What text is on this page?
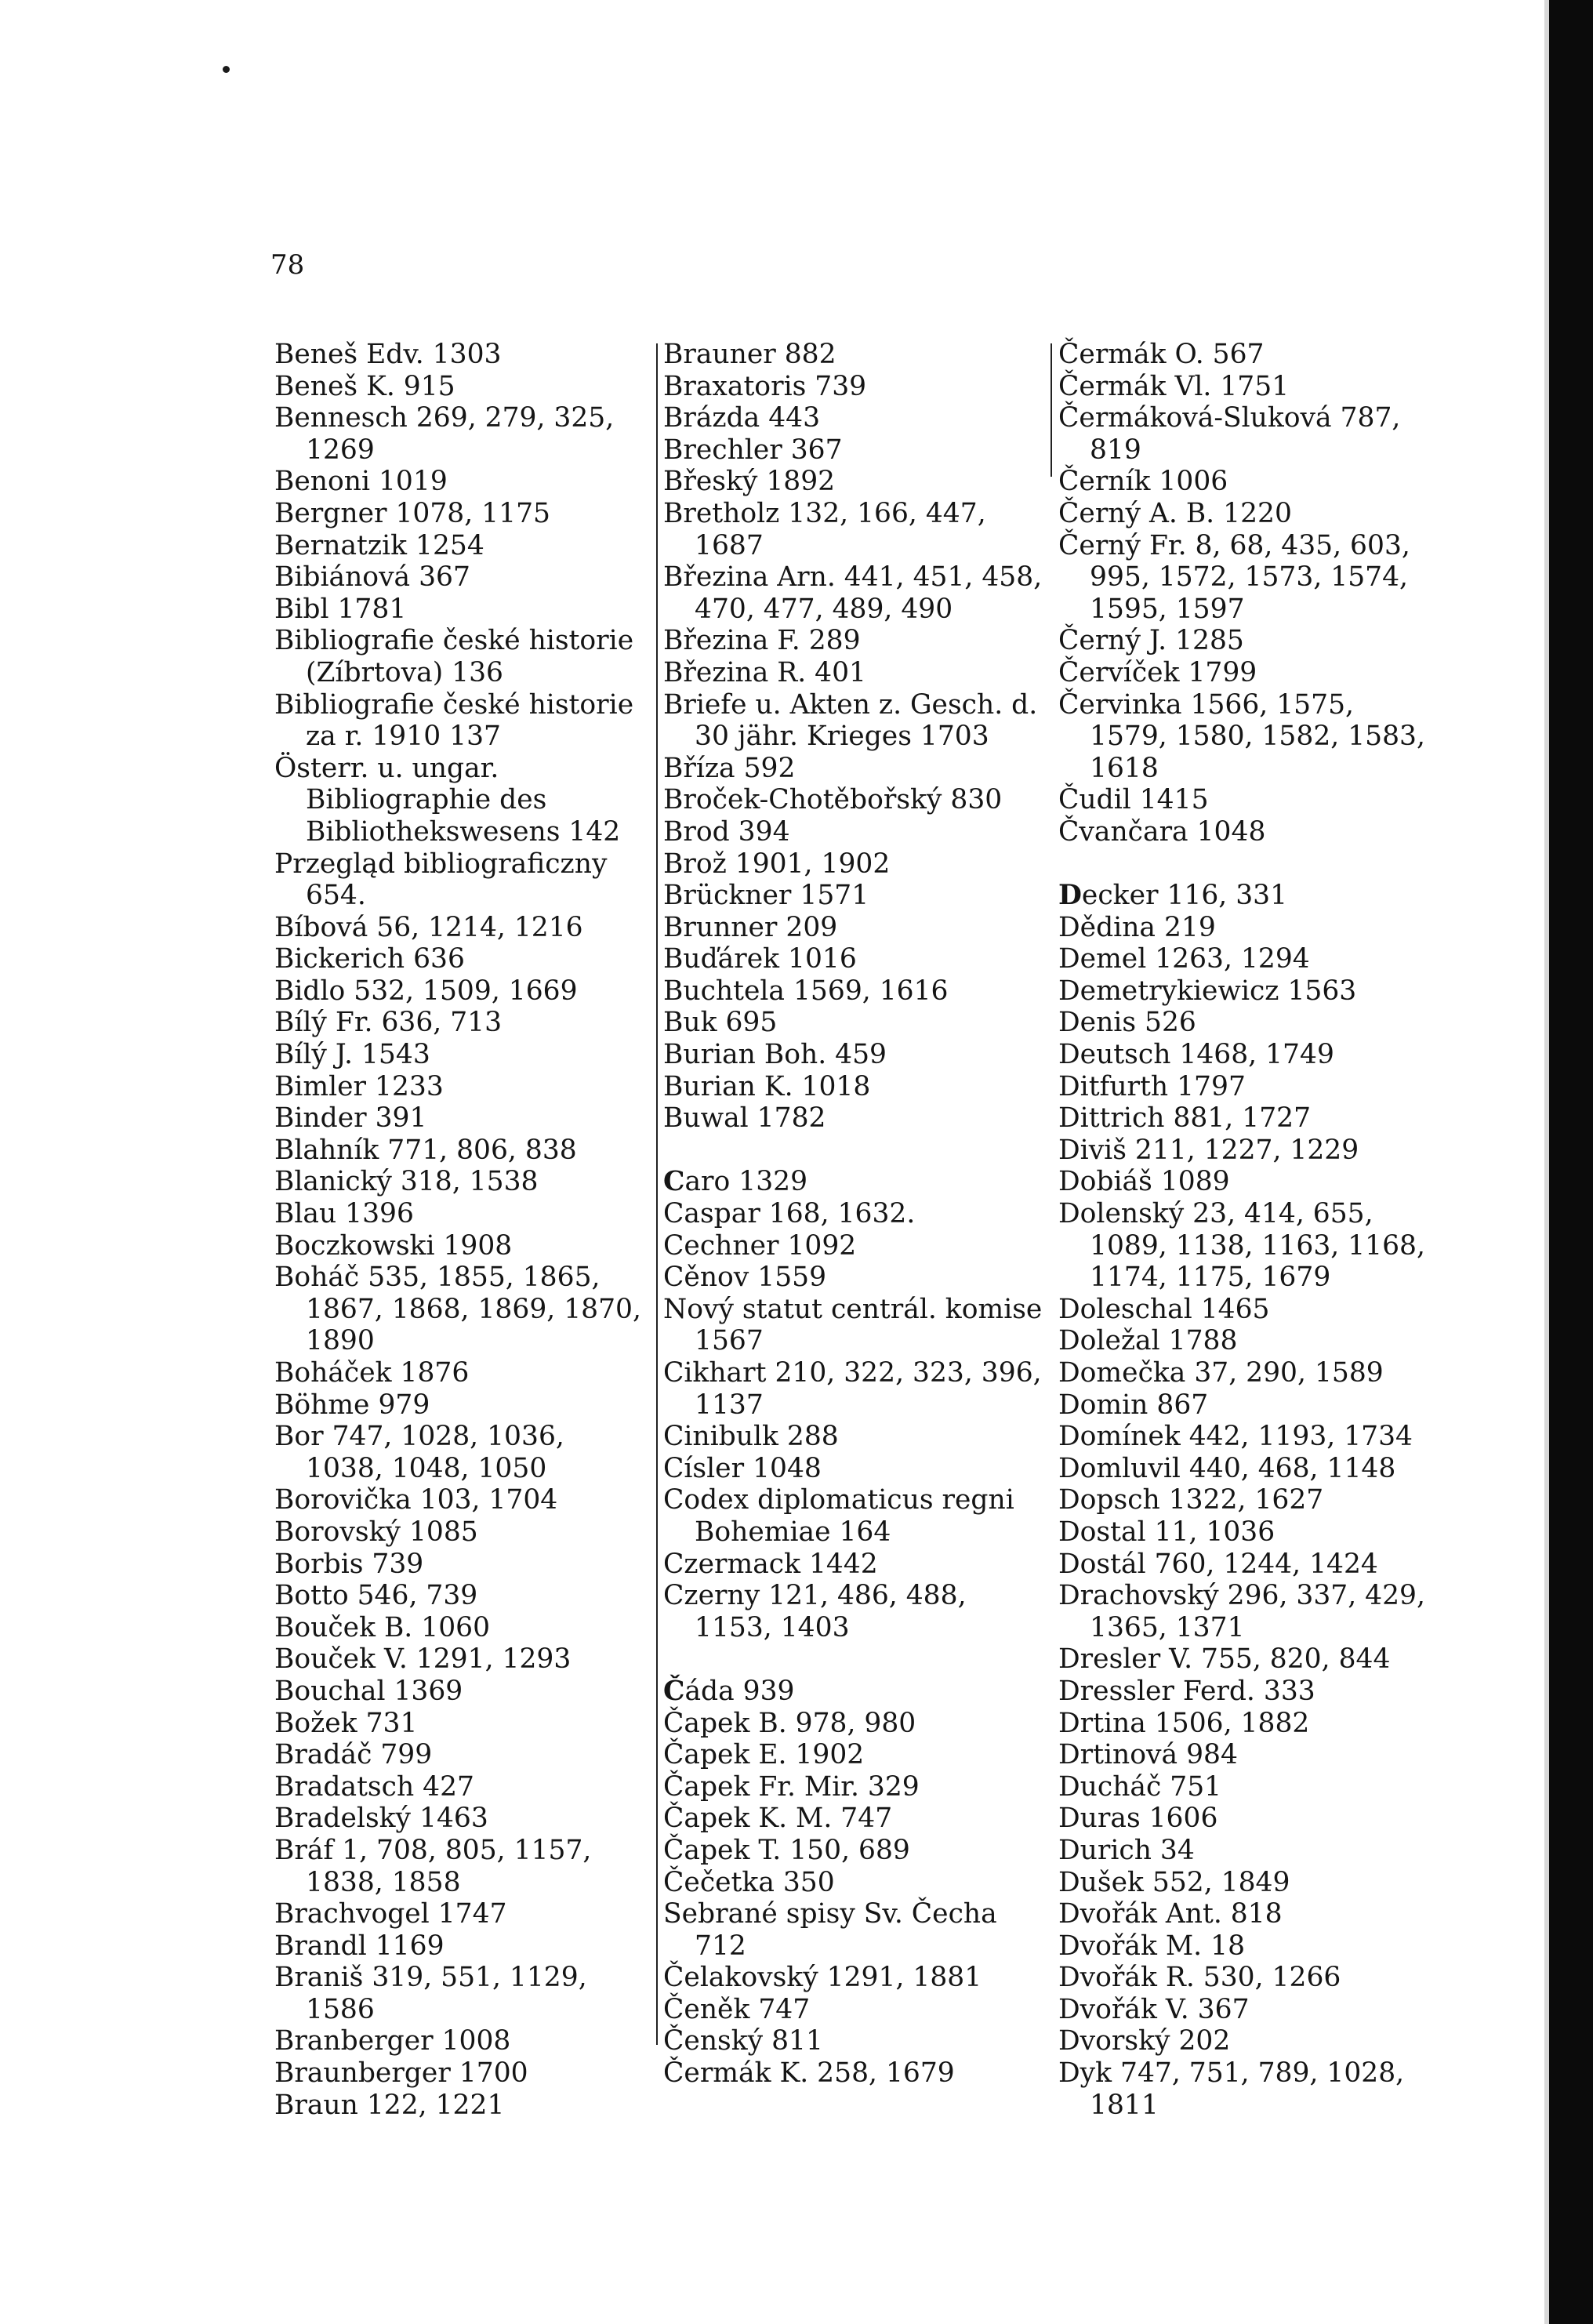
78
Beneš Edv. 1303
Beneš K. 915
Bennesch 269, 279, 325, 1269
Benoni 1019
Bergner 1078, 1175
Bernatzik 1254
Bibiánová 367
Bibl 1781
Bibliografie české historie (Zíbrtova) 136
Bibliografie české historie za r. 1910 137
Österr. u. ungar. Bibliographie des Bibliothekswesens 142
Przegląd bibliograficzny 654.
Bíbová 56, 1214, 1216
Bickerich 636
Bidlo 532, 1509, 1669
Bílý Fr. 636, 713
Bílý J. 1543
Bimler 1233
Binder 391
Blahník 771, 806, 838
Blanický 318, 1538
Blau 1396
Boczkowski 1908
Boháč 535, 1855, 1865, 1867, 1868, 1869, 1870, 1890
Boháček 1876
Böhme 979
Bor 747, 1028, 1036, 1038, 1048, 1050
Borovička 103, 1704
Borovský 1085
Borbis 739
Botto 546, 739
Bouček B. 1060
Bouček V. 1291, 1293
Bouchal 1369
Božek 731
Bradáč 799
Bradatsch 427
Bradelský 1463
Bráf 1, 708, 805, 1157, 1838, 1858
Brachvogel 1747
Brandl 1169
Braniš 319, 551, 1129, 1586
Branberger 1008
Braunberger 1700
Braun 122, 1221
Brauner 882
Braxatoris 739
Brázda 443
Brechler 367
Břeský 1892
Bretholz 132, 166, 447, 1687
Březina Arn. 441, 451, 458, 470, 477, 489, 490
Březina F. 289
Březina R. 401
Briefe u. Akten z. Gesch. d. 30 jähr. Krieges 1703
Bříza 592
Broček-Chotěbořský 830
Brod 394
Brož 1901, 1902
Brückner 1571
Brunner 209
Buďárek 1016
Buchtela 1569, 1616
Buk 695
Burian Boh. 459
Burian K. 1018
Buwal 1782
Caro 1329
Caspar 168, 1632.
Cechner 1092
Cěnov 1559
Nový statut centrál. komise 1567
Cikhart 210, 322, 323, 396, 1137
Cinibulk 288
Císler 1048
Codex diplomaticus regni Bohemiae 164
Czermack 1442
Czerny 121, 486, 488, 1153, 1403
Čáda 939
Čapek B. 978, 980
Čapek E. 1902
Čapek Fr. Mir. 329
Čapek K. M. 747
Čapek T. 150, 689
Čečetka 350
Sebrané spisy Sv. Čecha 712
Čelakovský 1291, 1881
Čeněk 747
Čenský 811
Čermák K. 258, 1679
Čermák O. 567
Čermák Vl. 1751
Čermáková-Sluková 787, 819
Černík 1006
Černý A. B. 1220
Černý Fr. 8, 68, 435, 603, 995, 1572, 1573, 1574, 1595, 1597
Černý J. 1285
Červíček 1799
Červinka 1566, 1575, 1579, 1580, 1582, 1583, 1618
Čudil 1415
Čvančara 1048
Decker 116, 331
Dědina 219
Demel 1263, 1294
Demetrykiewicz 1563
Denis 526
Deutsch 1468, 1749
Ditfurth 1797
Dittrich 881, 1727
Diviš 211, 1227, 1229
Dobiáš 1089
Dolenský 23, 414, 655, 1089, 1138, 1163, 1168, 1174, 1175, 1679
Doleschal 1465
Doležal 1788
Domečka 37, 290, 1589
Domin 867
Domínek 442, 1193, 1734
Domluvil 440, 468, 1148
Dopsch 1322, 1627
Dostal 11, 1036
Dostál 760, 1244, 1424
Drachovský 296, 337, 429, 1365, 1371
Dresler V. 755, 820, 844
Dressler Ferd. 333
Drtina 1506, 1882
Drtinová 984
Ducháč 751
Duras 1606
Durich 34
Dušek 552, 1849
Dvořák Ant. 818
Dvořák M. 18
Dvořák R. 530, 1266
Dvořák V. 367
Dvorský 202
Dyk 747, 751, 789, 1028, 1811
